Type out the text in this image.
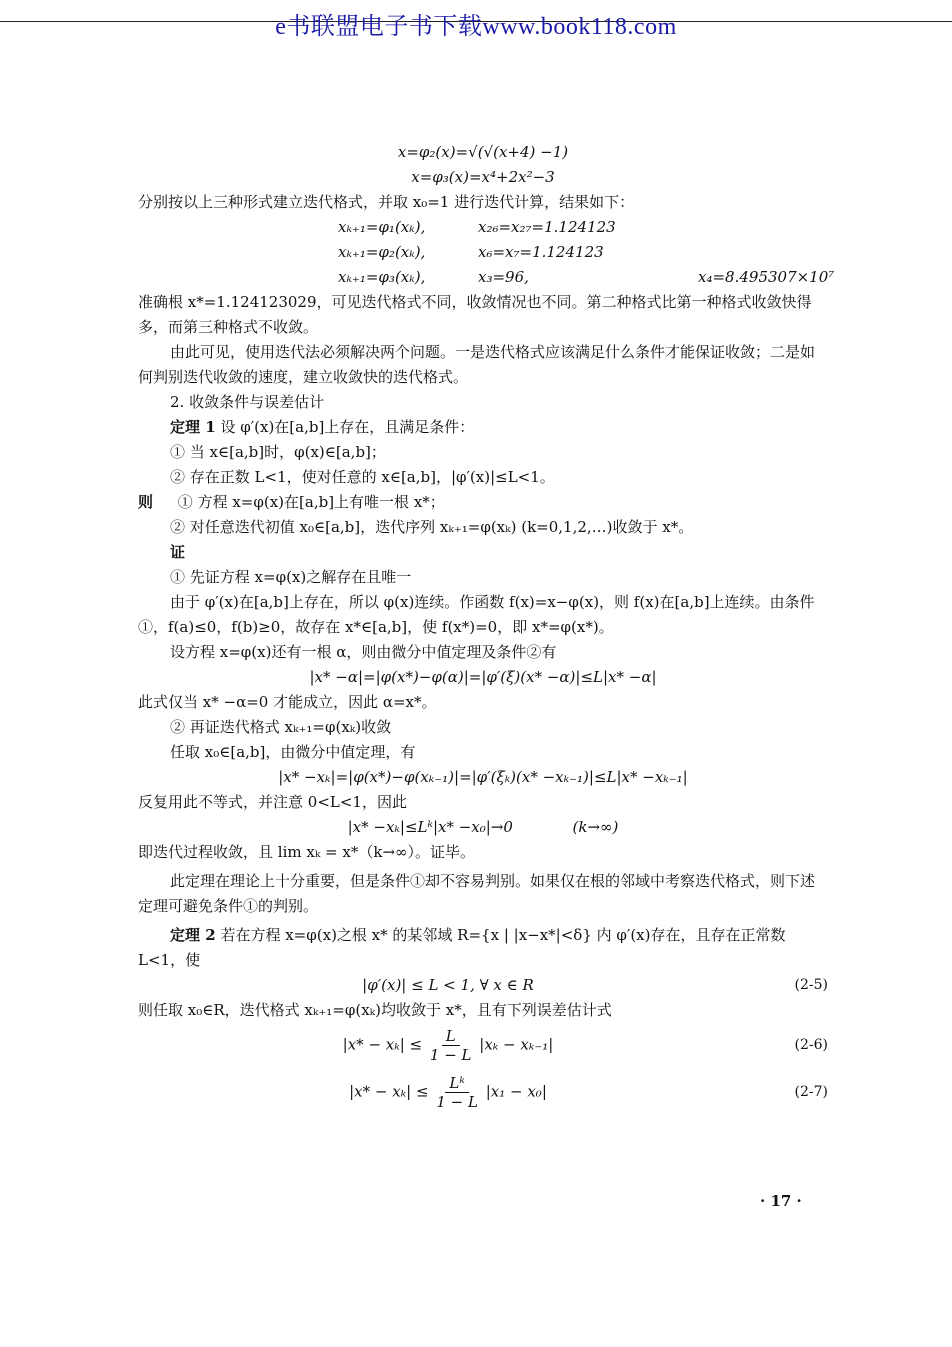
e书联盟电子书下载www.book118.com
x=φ₂(x)=√(√(x+4) −1)
x=φ₃(x)=x⁴+2x²−3

分别按以上三种形式建立迭代格式，并取 x₀=1 进行迭代计算，结果如下：

xₖ₊₁=φ₁(xₖ),	x₂₆=x₂₇=1.124123
xₖ₊₁=φ₂(xₖ),	x₆=x₇=1.124123
xₖ₊₁=φ₃(xₖ),	x₃=96,	x₄=8.495307×10⁷

准确根 x*=1.124123029，可见迭代格式不同，收敛情况也不同。第二种格式比第一种格式收敛快得多，而第三种格式不收敛。

由此可见，使用迭代法必须解决两个问题。一是迭代格式应该满足什么条件才能保证收敛；二是如何判别迭代收敛的速度，建立收敛快的迭代格式。

2. 收敛条件与误差估计

定理 1 设 φ′(x)在[a,b]上存在，且满足条件：

① 当 x∈[a,b]时，φ(x)∈[a,b]；

② 存在正数 L<1，使对任意的 x∈[a,b]，|φ′(x)|≤L<1。

则 ① 方程 x=φ(x)在[a,b]上有唯一根 x*；

② 对任意迭代初值 x₀∈[a,b]，迭代序列 xₖ₊₁=φ(xₖ) (k=0,1,2,…)收敛于 x*。

证

① 先证方程 x=φ(x)之解存在且唯一

由于 φ′(x)在[a,b]上存在，所以 φ(x)连续。作函数 f(x)=x−φ(x)，则 f(x)在[a,b]上连续。由条件①，f(a)≤0，f(b)≥0，故存在 x*∈[a,b]，使 f(x*)=0，即 x*=φ(x*)。

设方程 x=φ(x)还有一根 α，则由微分中值定理及条件②有

|x* −α|=|φ(x*)−φ(α)|=|φ′(ξ)(x* −α)|≤L|x* −α|

此式仅当 x* −α=0 才能成立，因此 α=x*。

② 再证迭代格式 xₖ₊₁=φ(xₖ)收敛

任取 x₀∈[a,b]，由微分中值定理，有

|x* −xₖ|=|φ(x*)−φ(xₖ₋₁)|=|φ′(ξₖ)(x* −xₖ₋₁)|≤L|x* −xₖ₋₁|

反复用此不等式，并注意 0<L<1，因此

|x* −xₖ|≤Lᵏ|x* −x₀|→0	(k→∞)

即迭代过程收敛，且 lim xₖ = x*（k→∞）。证毕。

此定理在理论上十分重要，但是条件①却不容易判别。如果仅在根的邻域中考察迭代格式，则下述定理可避免条件①的判别。

定理 2 若在方程 x=φ(x)之根 x* 的某邻域 R={x | |x−x*|<δ} 内 φ′(x)存在，且存在正常数 L<1，使

|φ′(x)| ≤ L < 1, ∀ x ∈ R	(2-5)

则任取 x₀∈R，迭代格式 xₖ₊₁=φ(xₖ)均收敛于 x*，且有下列误差估计式

$|x* - x_k| \le \frac{L}{1 - L} |x_k - x_{k-1}|$	(2-6)
$|x* - x_k| \le \frac{\text{Lᵏ}}{1 - L} |x_1 - x_0|$	(2-7)
· 17 ·
